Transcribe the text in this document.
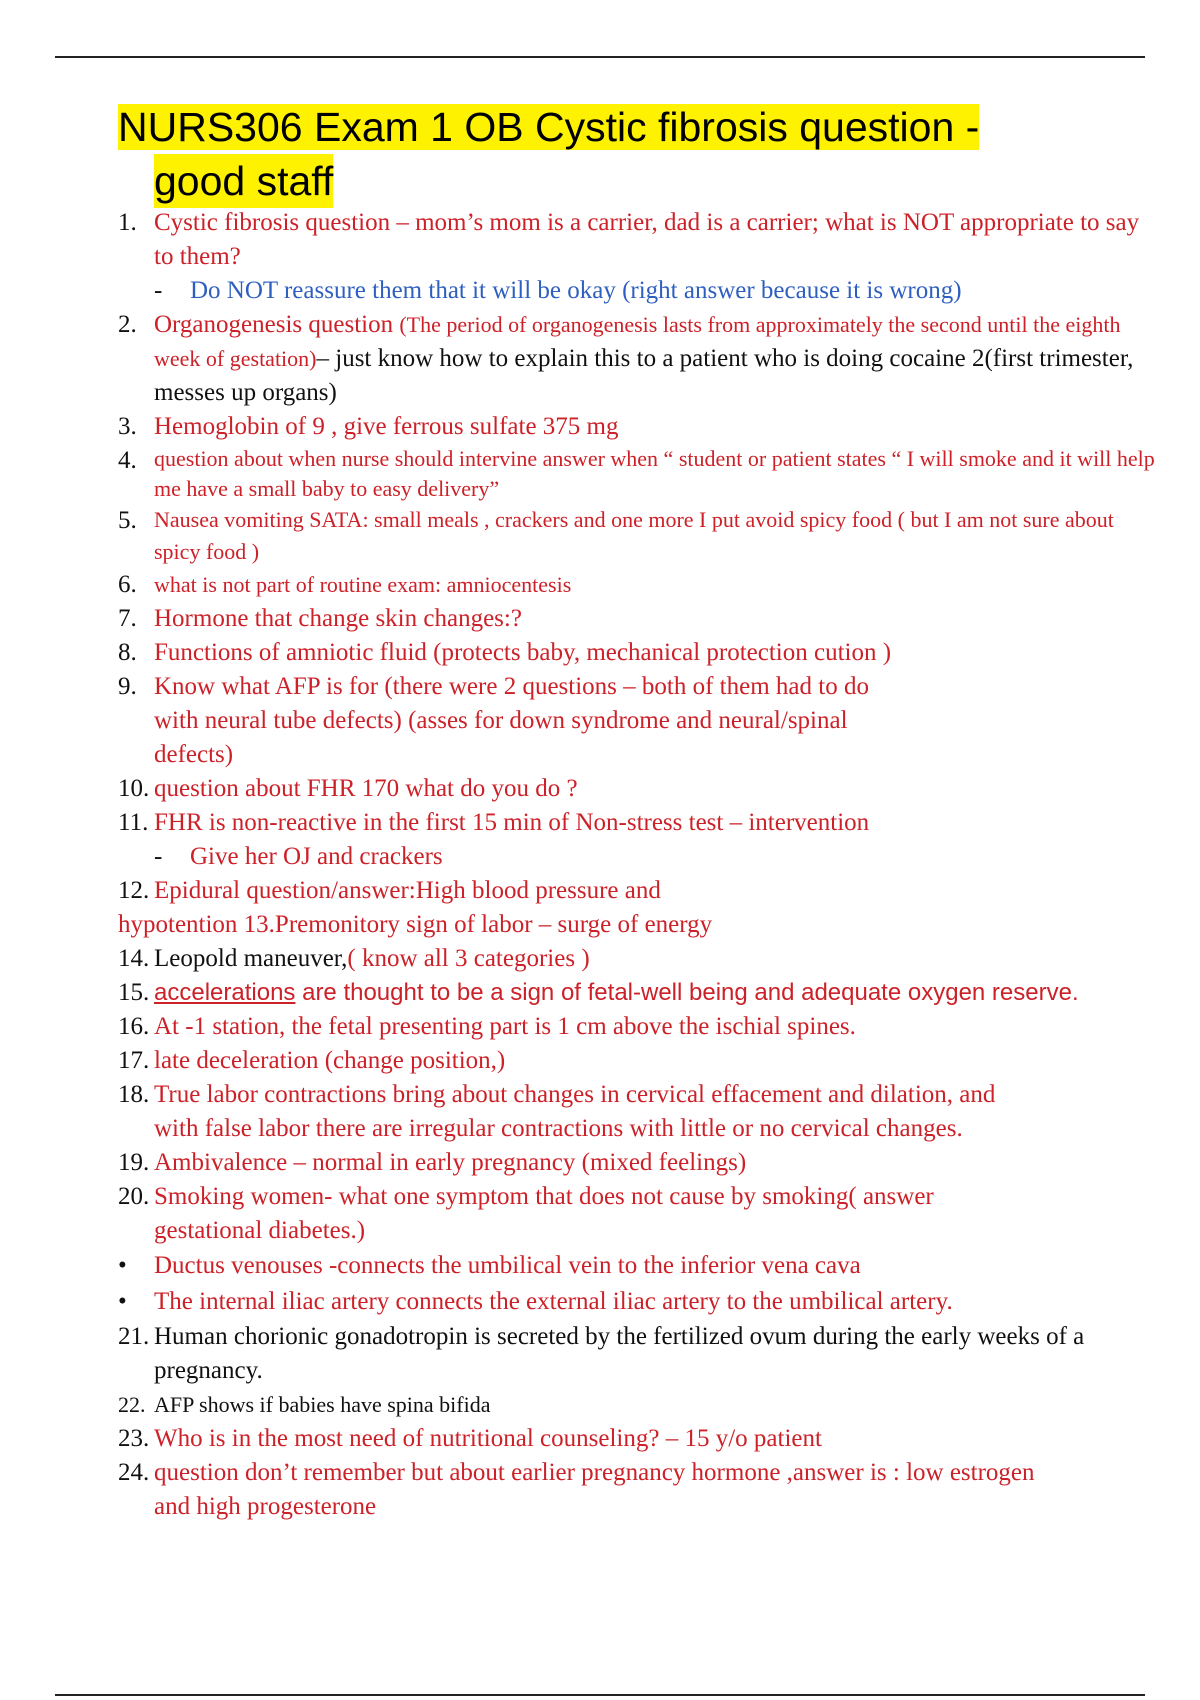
NURS306 Exam 1 OB Cystic fibrosis question -
good staff
1. Cystic fibrosis question – mom’s mom is a carrier, dad is a carrier; what is NOT appropriate to say to them?
-	Do NOT reassure them that it will be okay (right answer because it is wrong)
2. Organogenesis question (The period of organogenesis lasts from approximately the second until the eighth week of gestation)– just know how to explain this to a patient who is doing cocaine 2(first trimester, messes up organs)
3. Hemoglobin of 9 , give ferrous sulfate 375 mg
4. question about when nurse should intervine answer when “ student or patient states “ I will smoke and it will help me have a small baby to easy delivery”
5. Nausea vomiting SATA: small meals , crackers and one more I put avoid spicy food ( but I am not sure about spicy food )
6. what is not part of routine exam: amniocentesis
7. Hormone that change skin changes:?
8. Functions of amniotic fluid (protects baby, mechanical protection cution )
9. Know what AFP is for (there were 2 questions – both of them had to do with neural tube defects) (asses for down syndrome and neural/spinal defects)
10. question about FHR 170 what do you do ?
11. FHR is non-reactive in the first 15 min of Non-stress test – intervention
-	Give her OJ and crackers
12. Epidural question/answer:High blood pressure and
hypotention 13.Premonitory sign of labor – surge of energy
14. Leopold maneuver,( know all 3 categories )
15. accelerations are thought to be a sign of fetal-well being and adequate oxygen reserve.
16. At -1 station, the fetal presenting part is 1 cm above the ischial spines.
17. late deceleration (change position,)
18. True labor contractions bring about changes in cervical effacement and dilation, and with false labor there are irregular contractions with little or no cervical changes.
19. Ambivalence – normal in early pregnancy (mixed feelings)
20. Smoking women- what one symptom that does not cause by smoking( answer gestational diabetes.)
•	Ductus venouses -connects the umbilical vein to the inferior vena cava
•	The internal iliac artery connects the external iliac artery to the umbilical artery.
21. Human chorionic gonadotropin is secreted by the fertilized ovum during the early weeks of a pregnancy.
22. AFP shows if babies have spina bifida
23. Who is in the most need of nutritional counseling? – 15 y/o patient
24. question don’t remember but about earlier pregnancy hormone ,answer is : low estrogen and high progesterone
